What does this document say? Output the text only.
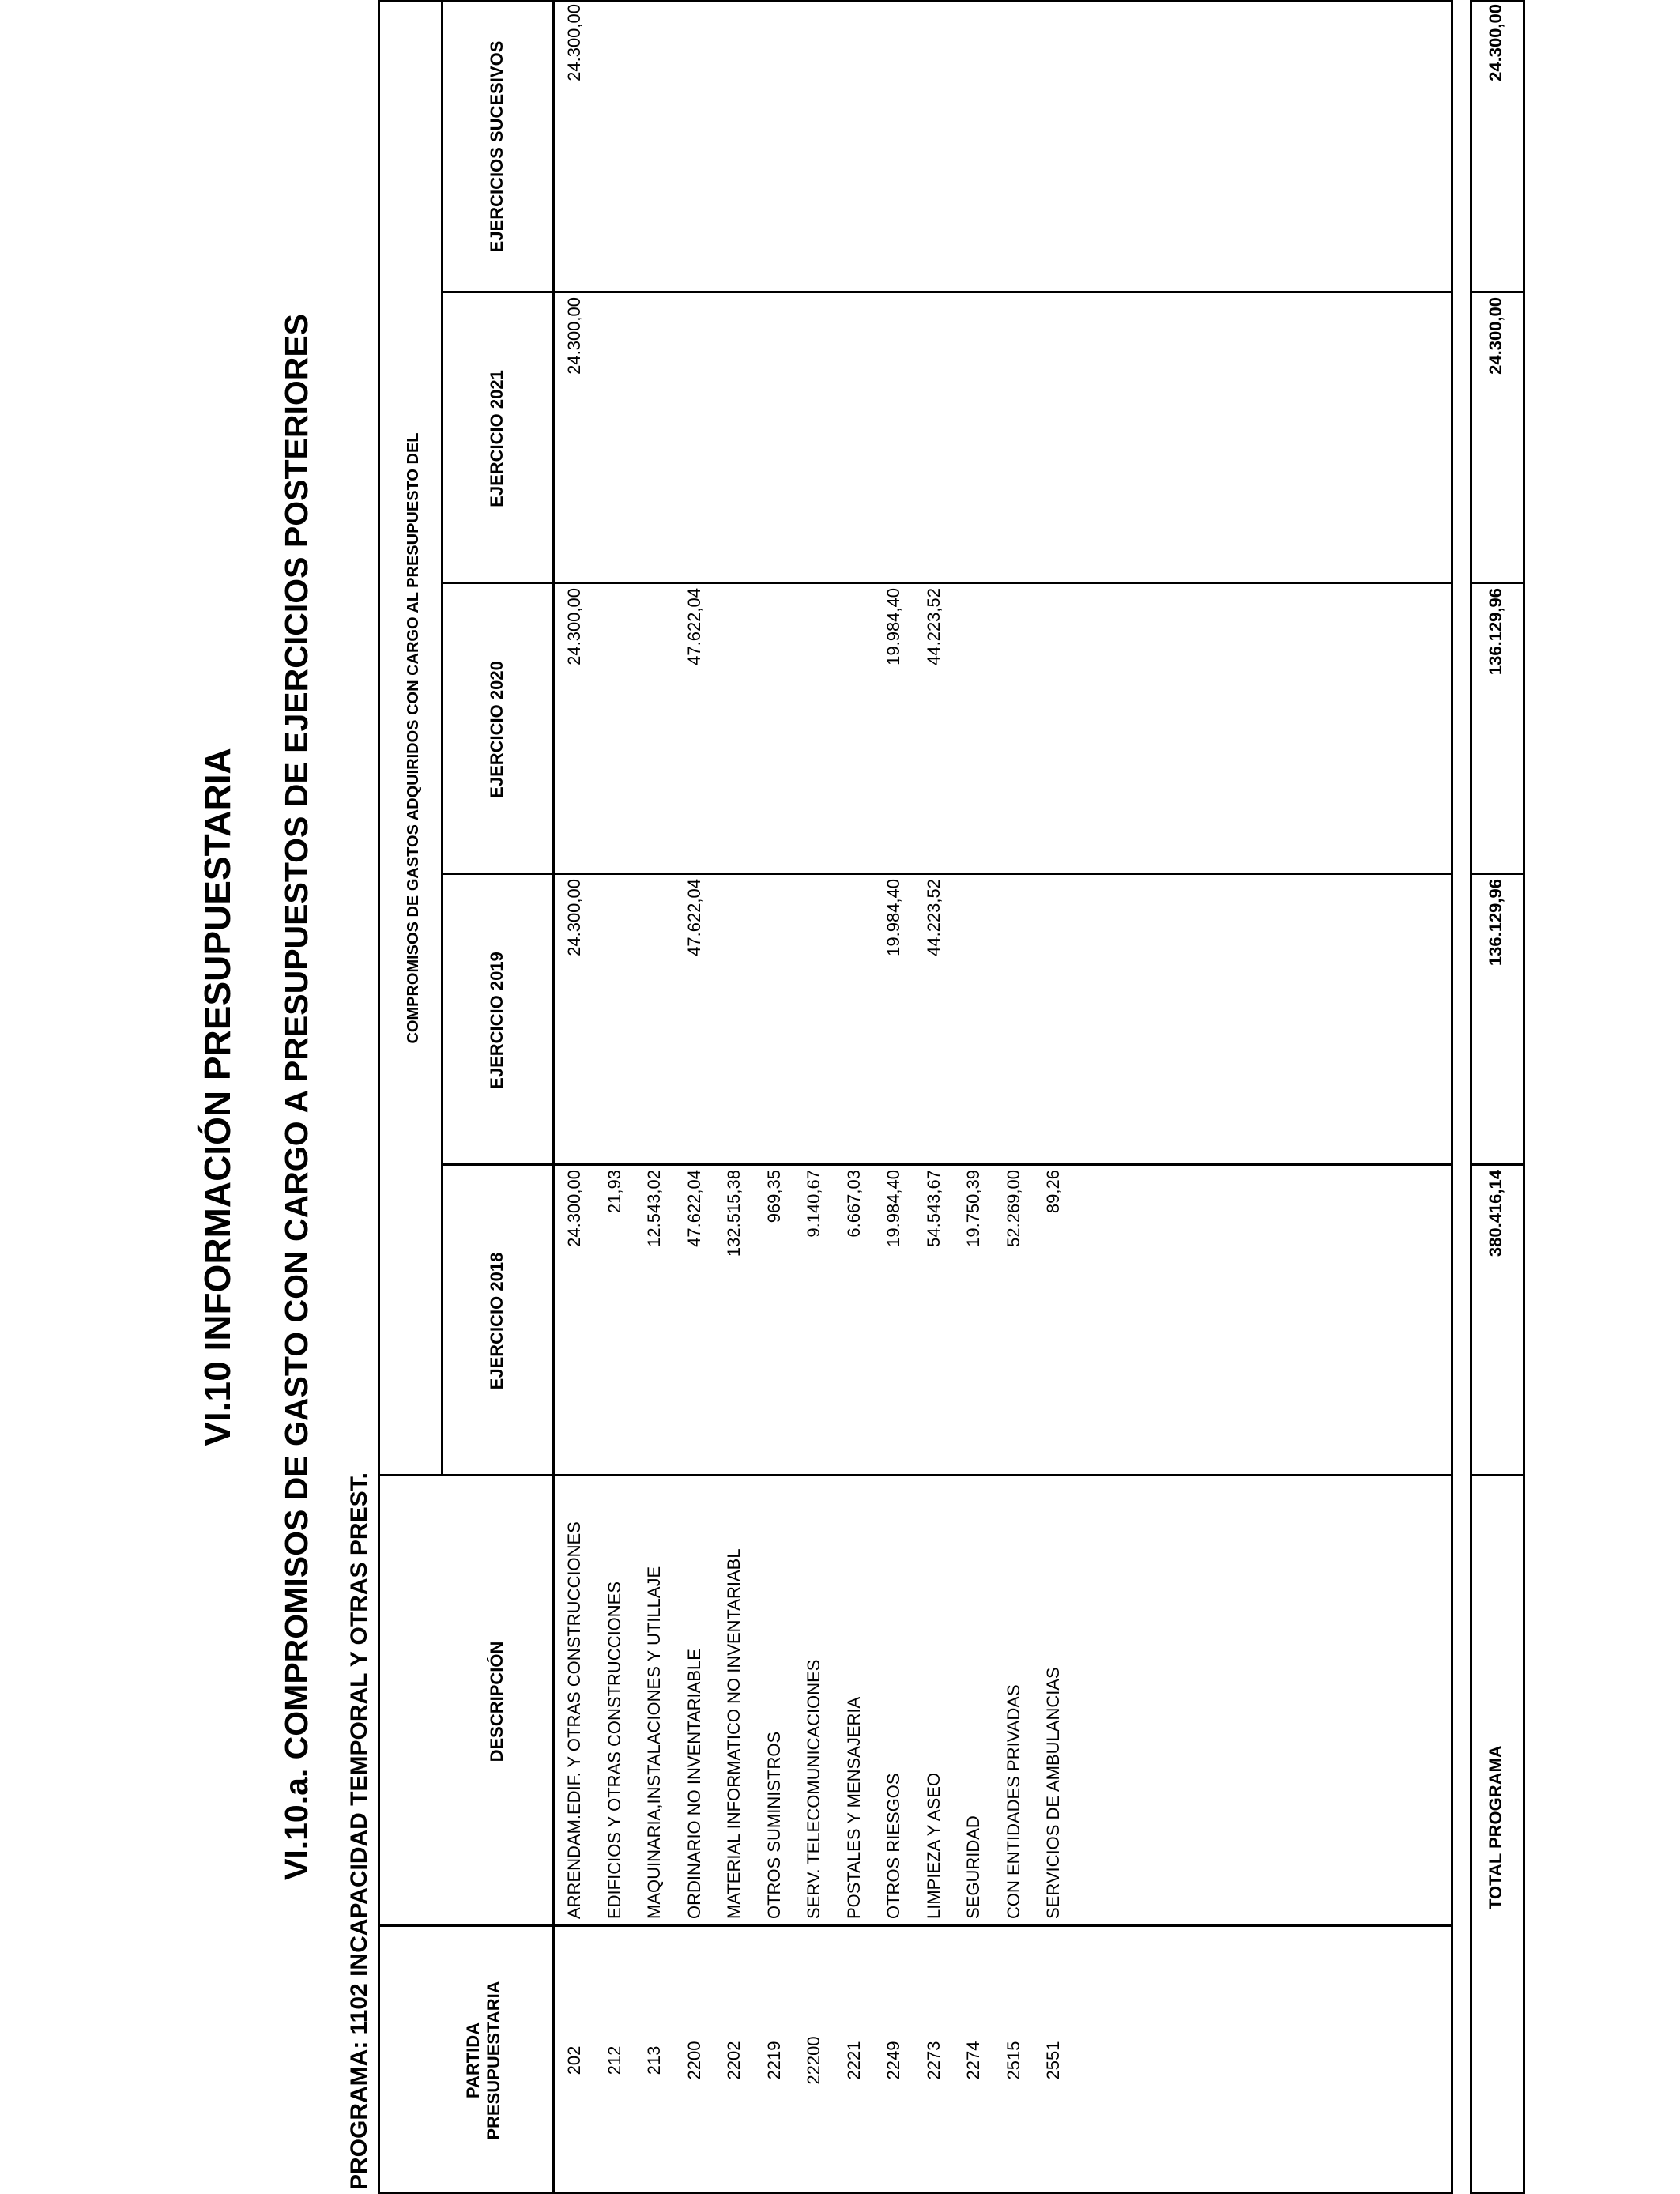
VI.10 INFORMACIÓN PRESUPUESTARIA VI.10.a. COMPROMISOS DE GASTO CON CARGO A PRESUPUESTOS DE EJERCICIOS POSTERIORES PROGRAMA: 1102 INCAPACIDAD TEMPORAL Y OTRAS PREST.	PARTIDA PRESUPUESTARIA
DESCRIPCIÓN
COMPROMISOS DE GASTOS ADQUIRIDOS CON CARGO AL PRESUPUESTO DEL
EJERCICIO 2018
EJERCICIO 2019
EJERCICIO 2020
EJERCICIO 2021
EJERCICIOS SUCESIVOS
202
ARRENDAM.EDIF. Y OTRAS CONSTRUCCIONES
24.300,00
24.300,00
24.300,00
24.300,00
24.300,00
212
EDIFICIOS Y OTRAS CONSTRUCCIONES
21,93
213
MAQUINARIA,INSTALACIONES Y UTILLAJE
12.543,02
2200
ORDINARIO NO INVENTARIABLE
47.622,04
47.622,04
47.622,04
2202
MATERIAL INFORMATICO NO INVENTARIABL
132.515,38
2219
OTROS SUMINISTROS
969,35
22200
SERV. TELECOMUNICACIONES
9.140,67
2221
POSTALES Y MENSAJERIA
6.667,03
2249
OTROS RIESGOS
19.984,40
19.984,40
19.984,40
2273
LIMPIEZA Y ASEO
54.543,67
44.223,52
44.223,52
2274
SEGURIDAD
19.750,39
2515
CON ENTIDADES PRIVADAS
52.269,00
2551
SERVICIOS DE AMBULANCIAS
89,26
TOTAL PROGRAMA
380.416,14
136.129,96
136.129,96
24.300,00
24.300,00
